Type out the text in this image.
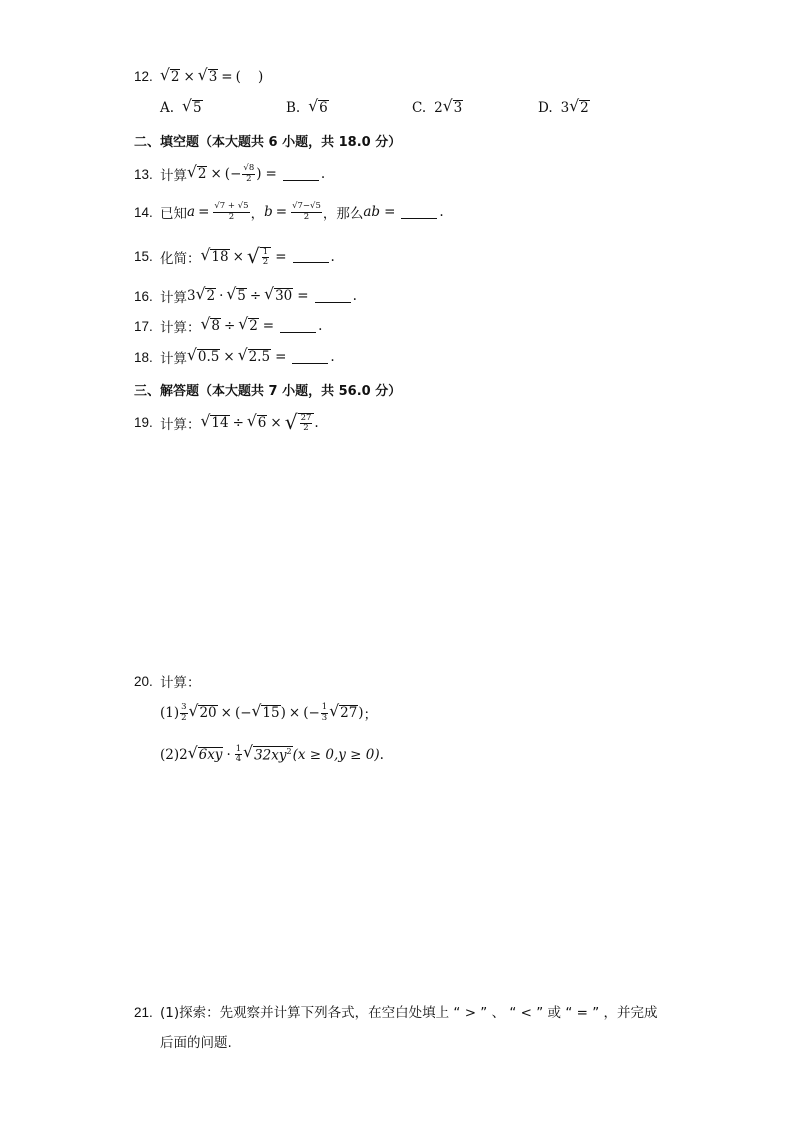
12. √ 2 × √ 3 = (    )
A. √ 5	B. √ 6	C. 2 √ 3	D. 3 √ 2
二、填空题（本大题共 6 小题，共 18.0 分）
13. 计算 √ 2 × (− $\frac{√8}{2}$ ) =	.
14. 已知 $a = \frac{√7 + √5}{2}$ ， $b = \frac{√7-√5}{2}$ ，那么 ab =	.
15. 化简： √ 18 × √ $\frac{1}{2}$ =	.
16. 计算 3 √ 2 · √ 5 ÷ √ 30 =	.
17. 计算： √ 8 ÷ √ 2 =	.
18. 计算 √ 0.5 × √ 2.5 =	.
三、解答题（本大题共 7 小题，共 56.0 分）
19. 计算： √ 14 ÷ √ 6 × √ $\frac{27}{2}$ .
20. 计算：
$(1) \frac{3}{2}$ √ 20 × (− √ 15 ) × (− $\frac{1}{3}$ √ 27 ) ；
(2) 2 √ $6xy \cdot \frac{1}{4}$ √ $32xy^2$ (x ≥ 0,y ≥ 0) .
21. (1)探索：先观察并计算下列各式，在空白处填上 “ > ” 、 “ < ” 或 “ = ” ，并完成后面的问题.
